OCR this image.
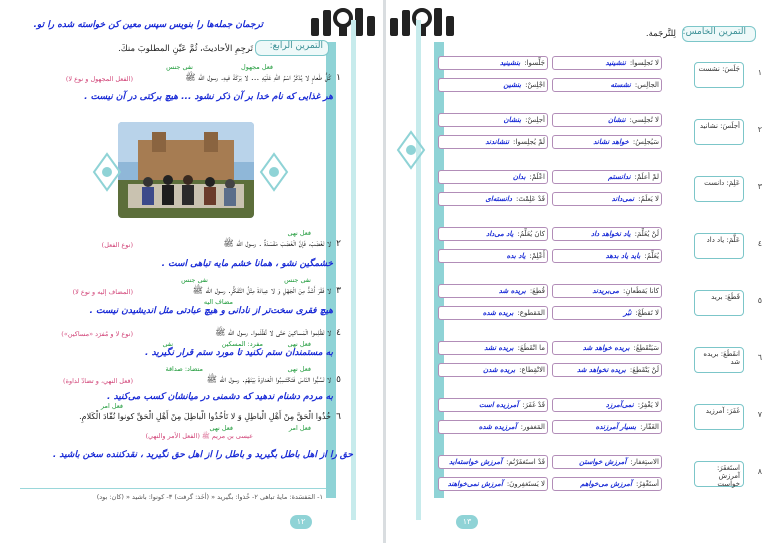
ترجمان جمله‌ها را بنویس سپس معین کن خواسته شده را تو.
التمرين الرابع:
تَرجِمِ الأحاديثَ، ثُمَّ عَيِّنِ المطلوبَ منكَ.
١
كُلُّ طَعامٍ لا يُذكَرُ اسْمُ اللّهِ عَلَيْهِ ... لا بَرَكَةَ فيهِ. رسول الله ﷺ
(الفعل المجهول و نوع لا)
فعل مجهول
نفی جنس
هر غذایی که نام خدا بر آن ذکر نشود ... هیچ برکتی در آن نیست .
٢
لا تَغْضَبْ، فَإنَّ الْغَضَبَ مَفْسَدَةٌ . رسول الله ﷺ
(نوع الفعل)
فعل نهی
خشمگین نشو ، همانا خشم مایه تباهی است .
٣
لا فَقْرَ أَشَدُّ مِنَ الْجَهْلِ وَ لا عِبادَةَ مِثْلُ التَّفَكُّرِ. رسول الله ﷺ
(المضاف إليه و نوع لا)
نفی جنس
مضاف الیه
نفی جنس
هیچ فقری سخت‌تر از نادانی و هیچ عبادتی مثل اندیشیدن نیست .
٤
لا تَظْلِموا الْمَساكينَ حَتّى لا تُظْلَموا. رسول الله ﷺ
(نوع لا و مُفرَد «مساكين»)
فعل نهی
مفرد: المسکین
نفی
به مستمندان ستم نکنید تا مورد ستم قرار نگیرید .
٥
لا تَسُبُّوا النّاسَ فَتَكْتَسِبُوا الْعَداوَةَ بَيْنَهُمْ. رسول الله ﷺ
(فعل النهي، و تضادّ لداوة)
فعل نهی
متضاد: صداقة
به مردم دشنام ندهید که دشمنی در میانشان کسب می‌کنید .
٦
خُذُوا الْحَقَّ مِنْ أَهْلِ الْباطِلِ وَ لا تَأخُذُوا الْباطِلَ مِنْ أَهْلِ الْحَقِّ كونوا نُقّادَ الْكَلامِ.
عيسى بن مريم ﷺ (الفعل الأمر والنهي)
فعل امر
فعل نهی
فعل امر
حق را از اهل باطل بگیرید و باطل را از اهل حق نگیرید ، نقدکننده سخن باشید .
١- المَفسَدة: مایهٔ تباهی ٢- خُذوا: بگیرید « (أخَذ: گرفت) ٣- كونوا: باشید « (كان: بود)
١٢
التمرين الخامس:
لِلتَّرجَمة.
١
جَلَسَ: نشست
لا تَجلِسوا:ننشینید
جَلِّسوا:بنشینید
الجالِس:نشسته
اجْلِسْ:بنشین
٢
أجلَسَ: نشانید
لا تُجلِسي:ننشان
أجلِسْ:بنشان
سَيُجلِسُ:خواهد نشاند
لَمْ يُجلِسوا:ننشاندند
٣
عَلِمَ: دانست
لمْ أعلَمْ:ندانستم
اعْلَمْ:بدان
لا يَعلَمُ:نمی‌داند
قَدْ عَلِمْتَ:دانسته‌ای
٤
عَلَّمَ: یاد داد
لَنْ يُعَلِّمَ:یاد نخواهد داد
كانَ يُعَلِّمُ:یاد می‌داد
يُعَلِّمُ:باید یاد بدهد
أَعْلِمْ:یاد بده
٥
قَطَعَ: برید
كانا يَقطَعانِ:می‌بریدند
قُطِعَ:بریده شد
لا تَقطَعْ:نبُر
المَقطوع:بریده شده
٦
انقَطَعَ: بریده شد
سَيَنْقَطِعُ:بریده خواهد شد
ما انْقَطَعَ:بریده نشد
لَنْ يَنْقَطِعَ:بریده نخواهد شد
الانْقِطاع:بریده شدن
٧
غَفَرَ: آمرزید
لا يَغْفِرُ:نمی‌آمرزد
قَدْ غَفَرَ:آمرزیده است
الغَفّار:بسیار آمرزنده
المَغفور:آمرزیده شده
٨
استَغفَرَ: آمرزش خواست
الاستِغفار:آمرزش خواستن
قَدْ استَغفَرْتُم:آمرزش خواسته‌اید
أستَغْفِرُ:آمرزش می‌خواهم
لا يَستَغفِرونَ:آمرزش نمی‌خواهند
١٣
